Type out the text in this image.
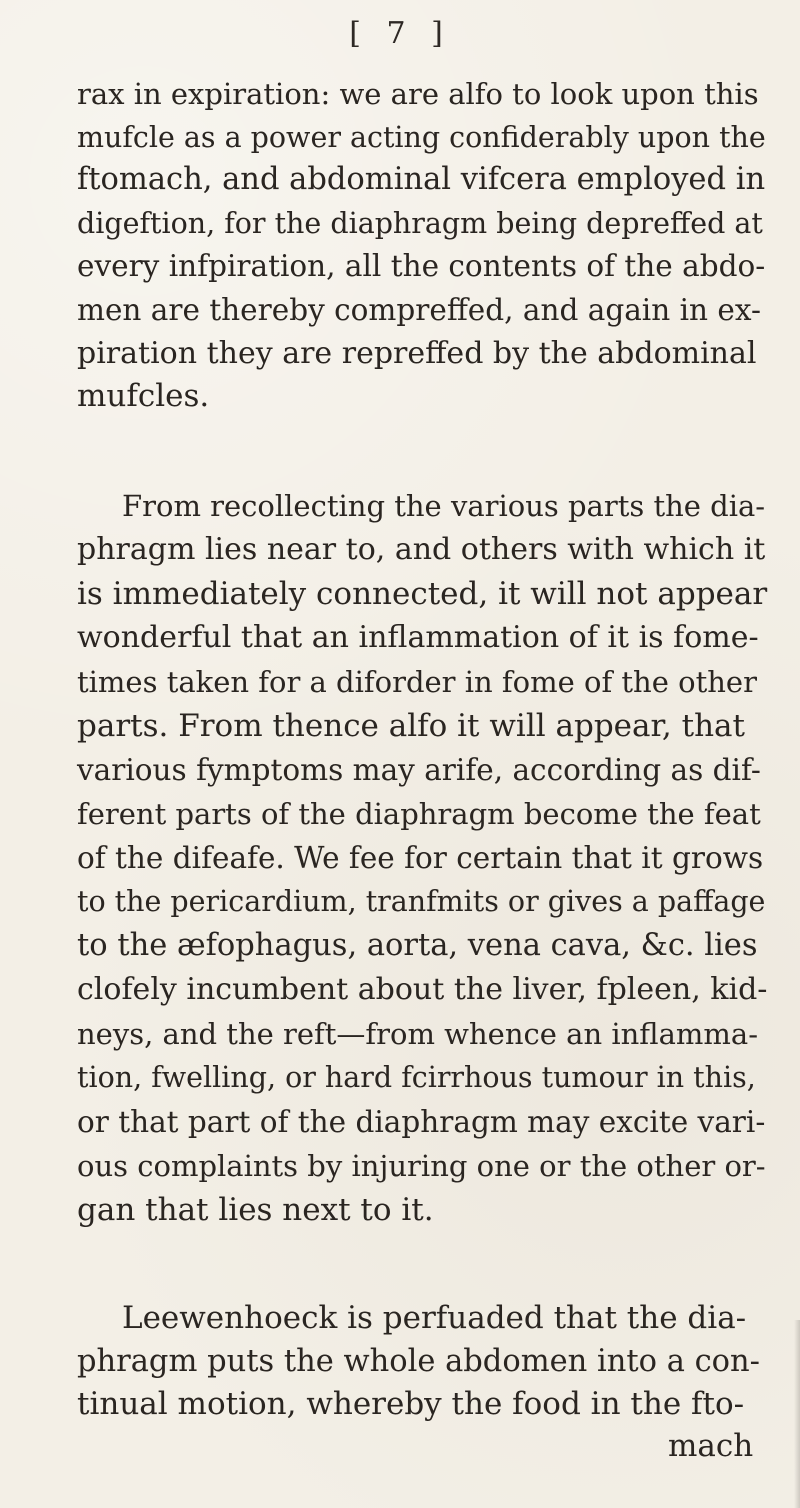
[ 7 ]
rax in expiration: we are alfo to look upon this
mufcle as a power acting confiderably upon the
ftomach, and abdominal vifcera employed in
digeftion, for the diaphragm being depreffed at
every infpiration, all the contents of the abdo-
men are thereby compreffed, and again in ex-
piration they are repreffed by the abdominal
mufcles.
From recollecting the various parts the dia-
phragm lies near to, and others with which it
is immediately connected, it will not appear
wonderful that an inflammation of it is fome-
times taken for a diforder in fome of the other
parts. From thence alfo it will appear, that
various fymptoms may arife, according as dif-
ferent parts of the diaphragm become the feat
of the difeafe. We fee for certain that it grows
to the pericardium, tranfmits or gives a paffage
to the æfophagus, aorta, vena cava, &c. lies
clofely incumbent about the liver, fpleen, kid-
neys, and the reft—from whence an inflamma-
tion, fwelling, or hard fcirrhous tumour in this,
or that part of the diaphragm may excite vari-
ous complaints by injuring one or the other or-
gan that lies next to it.
Leewenhoeck is perfuaded that the dia-
phragm puts the whole abdomen into a con-
tinual motion, whereby the food in the fto-
mach
